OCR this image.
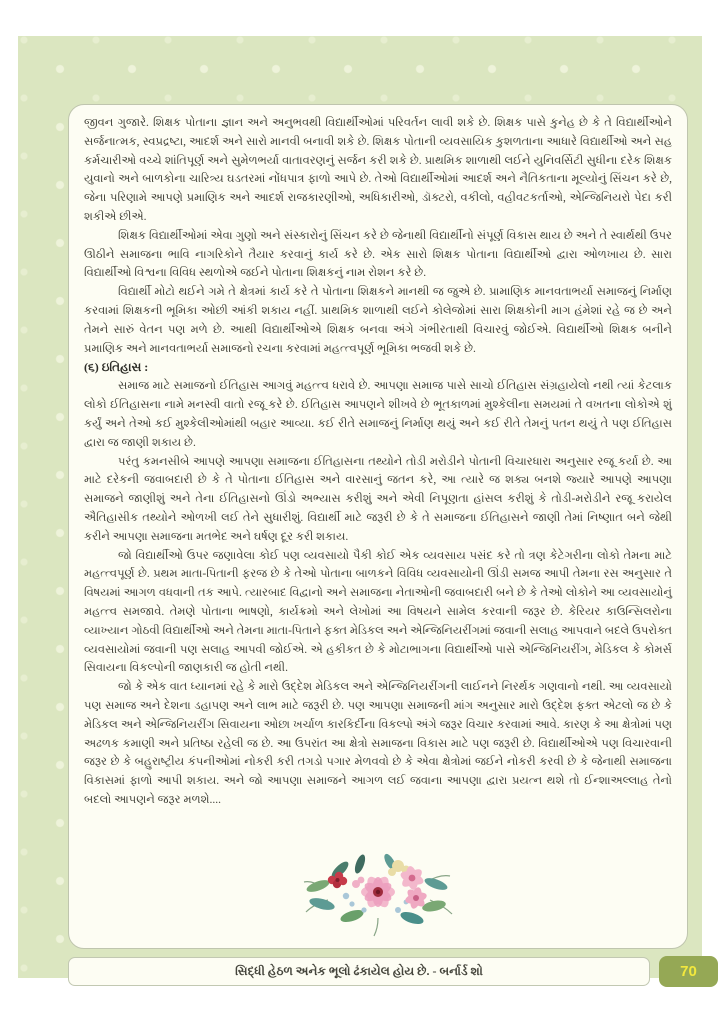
જીવન ગુજારે. શિક્ષક પોતાના જ્ઞાન અને અનુભવથી વિદ્યાર્થીઓમાં પરિવર્તન લાવી શકે છે. શિક્ષક પાસે કુનેહ છે કે તે વિદ્યાર્થીઓને સર્જનાત્મક, સ્વપ્રદ્રષ્ટા, આદર્શ અને સારો માનવી બનાવી શકે છે. શિક્ષક પોતાની વ્યવસાયિક કુશળતાના આધારે વિદ્યાર્થીઓ અને સહ કર્મચારીઓ વચ્ચે શાંતિપૂર્ણ અને સુમેળભર્યા વાતાવરણનું સર્જન કરી શકે છે. પ્રાથમિક શાળાથી લઈને યુનિવર્સિટી સુધીના દરેક શિક્ષક યુવાનો અને બાળકોના ચારિત્ર્ય ઘડતરમાં નોંધપાત્ર ફાળો આપે છે. તેઓ વિદ્યાર્થીઓમાં આદર્શ અને નૈતિકતાના મૂલ્યોનું સિંચન કરે છે, જેના પરિણામે આપણે પ્રમાણિક અને આદર્શ રાજકારણીઓ, અધિકારીઓ, ડૉક્ટરો, વકીલો, વહીવટકર્તાઓ, એન્જિનિયરો પેદા કરી શકીએ છીએ.

શિક્ષક વિદ્યાર્થીઓમાં એવા ગુણો અને સંસ્કારોનું સિંચન કરે છે જેનાથી વિદ્યાર્થીનો સંપૂર્ણ વિકાસ થાય છે અને તે સ્વાર્થથી ઉપર ઊઠીને સમાજના ભાવિ નાગરિકોને તૈયાર કરવાનું કાર્ય કરે છે. એક સારો શિક્ષક પોતાના વિદ્યાર્થીઓ દ્વારા ઓળખાય છે. સારા વિદ્યાર્થીઓ વિશ્વના વિવિધ સ્થળોએ જઈને પોતાના શિક્ષકનું નામ રોશન કરે છે.

વિદ્યાર્થી મોટો થઈને ગમે તે ક્ષેત્રમાં કાર્ય કરે તે પોતાના શિક્ષકને માનથી જ જુએ છે. પ્રામાણિક માનવતાભર્યા સમાજનું નિર્માણ કરવામાં શિક્ષકની ભૂમિકા ઓછી આંકી શકાય નહીં. પ્રાથમિક શાળાથી લઈને કોલેજોમાં સારા શિક્ષકોની માગ હંમેશાં રહે જ છે અને તેમને સારું વેતન પણ મળે છે. આથી વિદ્યાર્થીઓએ શિક્ષક બનવા અંગે ગંભીરતાથી વિચારવું જોઈએ. વિદ્યાર્થીઓ શિક્ષક બનીને પ્રમાણિક અને માનવતાભર્યા સમાજનો રચના કરવામાં મહત્ત્વપૂર્ણ ભૂમિકા ભજવી શકે છે.

(૬) ઇતિહાસ :

સમાજ માટે સમાજનો ઈતિહાસ આગવું મહત્ત્વ ધરાવે છે. આપણા સમાજ પાસે સાચો ઈતિહાસ સંગ્રહાયેલો નથી ત્યાં કેટલાક લોકો ઈતિહાસના નામે મનસ્વી વાતો રજૂ કરે છે. ઈતિહાસ આપણને શીખવે છે ભૂતકાળમાં મુશ્કેલીના સમયમાં તે વખતના લોકોએ શું કર્યું અને તેઓ કઈ મુશ્કેલીઓમાંથી બહાર આવ્યા. કઈ રીતે સમાજનું નિર્માણ થયું અને કઈ રીતે તેમનું પતન થયું તે પણ ઈતિહાસ દ્વારા જ જાણી શકાય છે.

પરંતુ કમનસીબે આપણે આપણા સમાજના ઈતિહાસના તથ્યોને તોડી મરોડીને પોતાની વિચારધારા અનુસાર રજૂ કર્યા છે. આ માટે દરેકની જવાબદારી છે કે તે પોતાના ઈતિહાસ અને વારસાનું જતન કરે, આ ત્યારે જ શક્ય બનશે જ્યારે આપણે આપણા સમાજને જાણીશું અને તેના ઈતિહાસનો ઊંડો અભ્યાસ કરીશું અને એવી નિપૂણતા હાંસલ કરીશું કે તોડી-મરોડીને રજૂ કરાયેલ ઐતિહાસીક તથ્યોને ઓળખી લઈ તેને સુધારીશું. વિદ્યાર્થી માટે જરૂરી છે કે તે સમાજના ઈતિહાસને જાણી તેમાં નિષ્ણાત બને જેથી કરીને આપણા સમાજના મતભેદ અને ઘર્ષણ દૂર કરી શકાય.

જો વિદ્યાર્થીઓ ઉપર જણાવેલા કોઈ પણ વ્યવસાયો પૈકી કોઈ એક વ્યવસાય પસંદ કરે તો ત્રણ કેટેગરીના લોકો તેમના માટે મહત્ત્વપૂર્ણ છે. પ્રથમ માતા-પિતાની ફરજ છે કે તેઓ પોતાના બાળકને વિવિધ વ્યવસાયોની ઊંડી સમજ આપી તેમના રસ અનુસાર તે વિષયમાં આગળ વધવાની તક આપે. ત્યારબાદ વિદ્વાનો અને સમાજના નેતાઓની જવાબદારી બને છે કે તેઓ લોકોને આ વ્યવસાયોનું મહત્ત્વ સમજાવે. તેમણે પોતાના ભાષણો, કાર્યક્રમો અને લેખોમાં આ વિષયને સામેલ કરવાની જરૂર છે. કેરિયર કાઉન્સિલરોના વ્યાખ્યાન ગોઠવી વિદ્યાર્થીઓ અને તેમના માતા-પિતાને ફક્ત મેડિકલ અને એન્જિનિયરીંગમાં જવાની સલાહ આપવાને બદલે ઉપરોક્ત વ્યવસાયોમાં જવાની પણ સલાહ આપવી જોઈએ. એ હકીકત છે કે મોટાભાગના વિદ્યાર્થીઓ પાસે એન્જિનિયરીંગ, મેડિકલ કે કોમર્સ સિવાયના વિકલ્પોની જાણકારી જ હોતી નથી.

જો કે એક વાત ધ્યાનમાં રહે કે મારો ઉદ્દેશ મેડિકલ અને એન્જિનિયરીંગની લાઈનને નિરર્થક ગણવાનો નથી. આ વ્યવસાયો પણ સમાજ અને દેશના ડહાપણ અને લાભ માટે જરૂરી છે. પણ આપણા સમાજની માંગ અનુસાર મારો ઉદ્દેશ ફક્ત એટલો જ છે કે મેડિકલ અને એન્જિનિયરીંગ સિવાયના ઓછા ખર્ચાળ કારકિર્દીના વિકલ્પો અંગે જરૂર વિચાર કરવામાં આવે. કારણ કે આ ક્ષેત્રોમાં પણ અઢળક કમાણી અને પ્રતિષ્ઠા રહેલી જ છે. આ ઉપરાંત આ ક્ષેત્રો સમાજના વિકાસ માટે પણ જરૂરી છે. વિદ્યાર્થીઓએ પણ વિચારવાની જરૂર છે કે બહુરાષ્ટ્રીય કંપનીઓમાં નોકરી કરી તગડો પગાર મેળવવો છે કે એવા ક્ષેત્રોમાં જઈને નોકરી કરવી છે કે જેનાથી સમાજના વિકાસમાં ફાળો આપી શકાય. અને જો આપણા સમાજને આગળ લઈ જવાના આપણા દ્વારા પ્રયત્ન થશે તો ઈન્શાઅલ્લાહ તેનો બદલો આપણને જરૂર મળશે....

સિદ્ધી હેઠળ અનેક ભૂલો ઢંકાયેલ હોય છે. - બર્નાર્ડ શો	70
